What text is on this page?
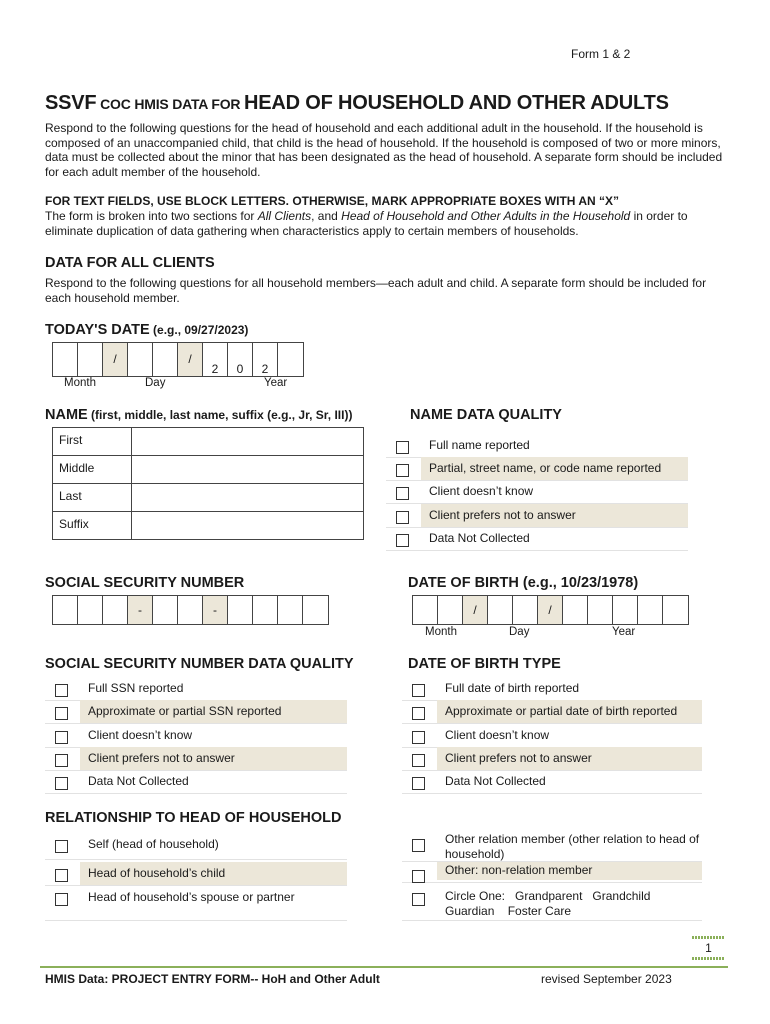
Form 1 & 2
SSVF COC HMIS DATA FOR HEAD OF HOUSEHOLD AND OTHER ADULTS
Respond to the following questions for the head of household and each additional adult in the household. If the household is composed of an unaccompanied child, that child is the head of household. If the household is composed of two or more minors, data must be collected about the minor that has been designated as the head of household. A separate form should be included for each adult member of the household.
FOR TEXT FIELDS, USE BLOCK LETTERS. OTHERWISE, MARK APPROPRIATE BOXES WITH AN “X”
The form is broken into two sections for All Clients, and Head of Household and Other Adults in the Household in order to eliminate duplication of data gathering when characteristics apply to certain members of households.
DATA FOR ALL CLIENTS
Respond to the following questions for all household members—each adult and child. A separate form should be included for each household member.
TODAY'S DATE (e.g., 09/27/2023)
/	/
2	0	2
Month	Day	Year
NAME (first, middle, last name, suffix (e.g., Jr, Sr, III))
First	
Middle	
Last	
Suffix	
NAME DATA QUALITY
Full name reported
Partial, street name, or code name reported
Client doesn’t know
Client prefers not to answer
Data Not Collected
SOCIAL SECURITY NUMBER
-	-
DATE OF BIRTH (e.g., 10/23/1978)
/	/
Month	Day	Year
SOCIAL SECURITY NUMBER DATA QUALITY
Full SSN reported
Approximate or partial SSN reported
Client doesn’t know
Client prefers not to answer
Data Not Collected
DATE OF BIRTH TYPE
Full date of birth reported
Approximate or partial date of birth reported
Client doesn’t know
Client prefers not to answer
Data Not Collected
RELATIONSHIP TO HEAD OF HOUSEHOLD
Self (head of household)
Head of household’s child
Head of household’s spouse or partner
Other relation member (other relation to head of household)
Other: non-relation member
Circle One:   Grandparent   Grandchild
Guardian    Foster Care
1
HMIS Data: PROJECT ENTRY FORM-- HoH and Other Adult	revised September 2023
